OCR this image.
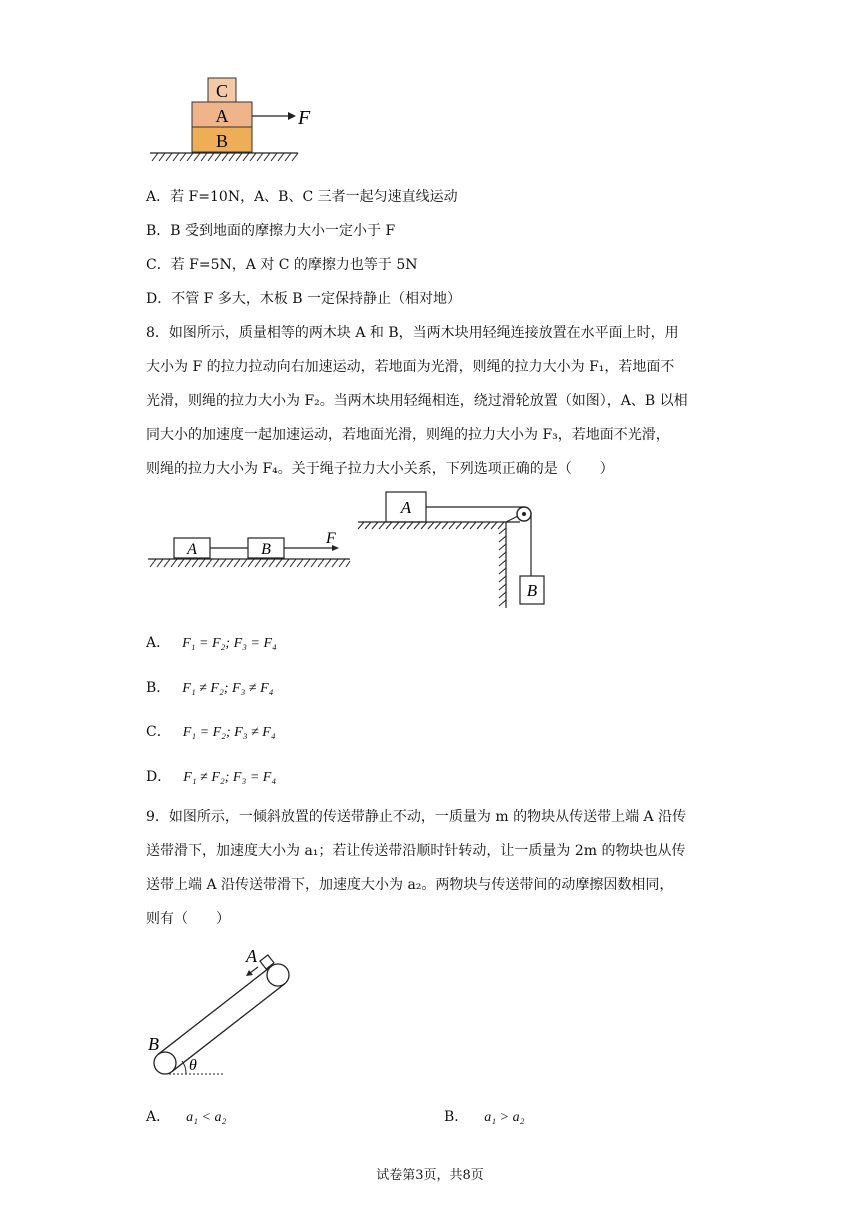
C
A
B
F
A．若 F=10N，A、B、C 三者一起匀速直线运动
B．B 受到地面的摩擦力大小一定小于 F
C．若 F=5N，A 对 C 的摩擦力也等于 5N
D．不管 F 多大，木板 B 一定保持静止（相对地）
8．如图所示，质量相等的两木块 A 和 B，当两木块用轻绳连接放置在水平面上时，用
大小为 F 的拉力拉动向右加速运动，若地面为光滑，则绳的拉力大小为 F₁，若地面不
光滑，则绳的拉力大小为 F₂。当两木块用轻绳相连，绕过滑轮放置（如图），A、B 以相
同大小的加速度一起加速运动，若地面光滑，则绳的拉力大小为 F₃，若地面不光滑，
则绳的拉力大小为 F₄。关于绳子拉力大小关系，下列选项正确的是（　　）
A	B
F
A
B
A． F₁ = F₂; F₃ = F₄
B． F₁ ≠ F₂; F₃ ≠ F₄
C． F₁ = F₂; F₃ ≠ F₄
D． F₁ ≠ F₂; F₃ = F₄
9．如图所示，一倾斜放置的传送带静止不动，一质量为 m 的物块从传送带上端 A 沿传
送带滑下，加速度大小为 a₁；若让传送带沿顺时针转动，让一质量为 2m 的物块也从传
送带上端 A 沿传送带滑下，加速度大小为 a₂。两物块与传送带间的动摩擦因数相同，
则有（　　）
A
B
θ
A． a₁ < a₂	B． a₁ > a₂
试卷第3页，共8页
